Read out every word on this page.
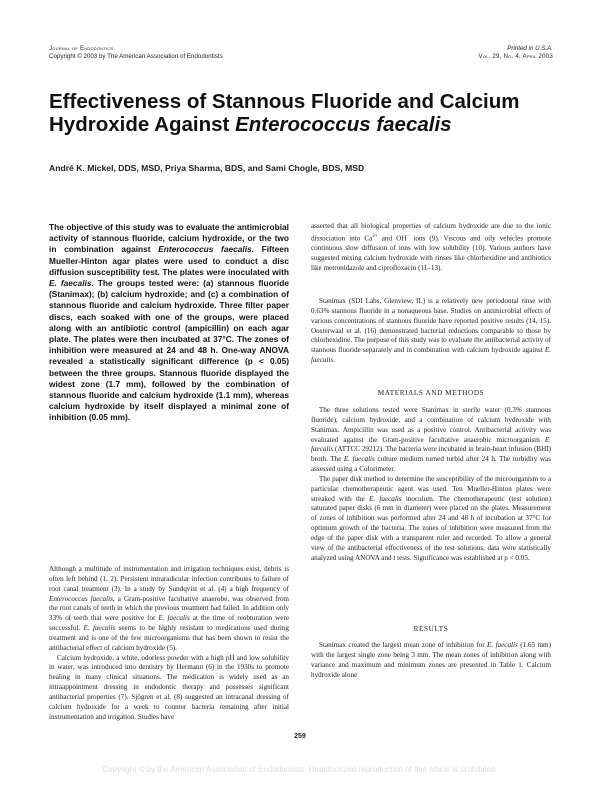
Journal of Endodontics
Copyright © 2003 by The American Association of Endodontists
Printed in U.S.A.
Vol. 29, No. 4, April 2003
Effectiveness of Stannous Fluoride and Calcium
Hydroxide Against Enterococcus faecalis
André K. Mickel, DDS, MSD, Priya Sharma, BDS, and Sami Chogle, BDS, MSD

The objective of this study was to evaluate the antimicrobial activity of stannous fluoride, calcium hydroxide, or the two in combination against Enterococcus faecalis. Fifteen Mueller-Hinton agar plates were used to conduct a disc diffusion susceptibility test. The plates were inoculated with E. faecalis. The groups tested were: (a) stannous fluoride (Stanimax); (b) calcium hydroxide; and (c) a combination of stannous fluoride and calcium hydroxide. Three filter paper discs, each soaked with one of the groups, were placed along with an antibiotic control (ampicillin) on each agar plate. The plates were then incubated at 37°C. The zones of inhibition were measured at 24 and 48 h. One-way ANOVA revealed a statistically significant difference (p < 0.05) between the three groups. Stannous fluoride displayed the widest zone (1.7 mm), followed by the combination of stannous fluoride and calcium hydroxide (1.1 mm), whereas calcium hydroxide by itself displayed a minimal zone of inhibition (0.05 mm).

Although a multitude of instrumentation and irrigation techniques exist, debris is often left behind (1, 2). Persistent intraradicular infection contributes to failure of root canal treatment (3). In a study by Sundqvist et al. (4) a high frequency of Enterococcus faecalis, a Gram-positive facultative anaerobe, was observed from the root canals of teeth in which the previous treatment had failed. In addition only 33% of teeth that were positive for E. faecalis at the time of reobturation were successful. E. faecalis seems to be highly resistant to medications used during treatment and is one of the few microorganisms that has been shown to resist the antibacterial effect of calcium hydroxide (5).

Calcium hydroxide, a white, odorless powder with a high pH and low solubility in water, was introduced into dentistry by Hermann (6) in the 1930s to promote healing in many clinical situations. The medication is widely used as an intraappointment dressing in endodontic therapy and possesses significant antibacterial properties (7). Sjögren et al. (8) suggested an intracanal dressing of calcium hydroxide for a week to counter bacteria remaining after initial instrumentation and irrigation. Studies have

asserted that all biological properties of calcium hydroxide are due to the ionic dissociation into $Ca^{2+}$ and OH− ions (9). Viscous and oily vehicles promote continuous slow diffusion of ions with low solubility (10). Various authors have suggested mixing calcium hydroxide with rinses like chlorhexidine and antibiotics like metronidazole and ciprofloxacin (11–13).

Stanimax (SDI Labs, Glenview, IL) is a relatively new periodontal rinse with 0.63% stannous fluoride in a nonaqueous base. Studies on antimicrobial effects of various concentrations of stannous fluoride have reported positive results (14, 15). Oosterwaal et al. (16) demonstrated bacterial reductions comparable to those by chlorhexidine. The purpose of this study was to evaluate the antibacterial activity of stannous fluoride separately and in combination with calcium hydroxide against E. faecalis.

MATERIALS AND METHODS

The three solutions tested were Stanimax in sterile water (0.3% stannous fluoride), calcium hydroxide, and a combination of calcium hydroxide with Stanimax. Ampicillin was used as a positive control. Antibacterial activity was evaluated against the Gram-positive facultative anaerobic microorganism E. faecalis (ATTCC 29212). The bacteria were incubated in brain-heart infusion (BHI) broth. The E. faecalis culture medium turned turbid after 24 h. The turbidity was assessed using a Colorimeter.

The paper disk method to determine the susceptibility of the microorganism to a particular chemotherapeutic agent was used. Ten Mueller-Hinton plates were streaked with the E. faecalis inoculum. The chemotherapeutic (test solution) saturated paper disks (6 mm in diameter) were placed on the plates. Measurement of zones of inhibition was performed after 24 and 48 h of incubation at 37°C for optimum growth of the bacteria. The zones of inhibition were measured from the edge of the paper disk with a transparent ruler and recorded. To allow a general view of the antibacterial effectiveness of the test solutions, data were statistically analyzed using ANOVA and t tests. Significance was established at p < 0.05.

RESULTS

Stanimax created the largest mean zone of inhibition for E. faecalis (1.65 mm) with the largest single zone being 3 mm. The mean zones of inhibition along with variance and maximum and minimum zones are presented in Table 1. Calcium hydroxide alone

259
Copyright © by the American Association of Endodontists. Unauthorized reproduction of this article is prohibited.
